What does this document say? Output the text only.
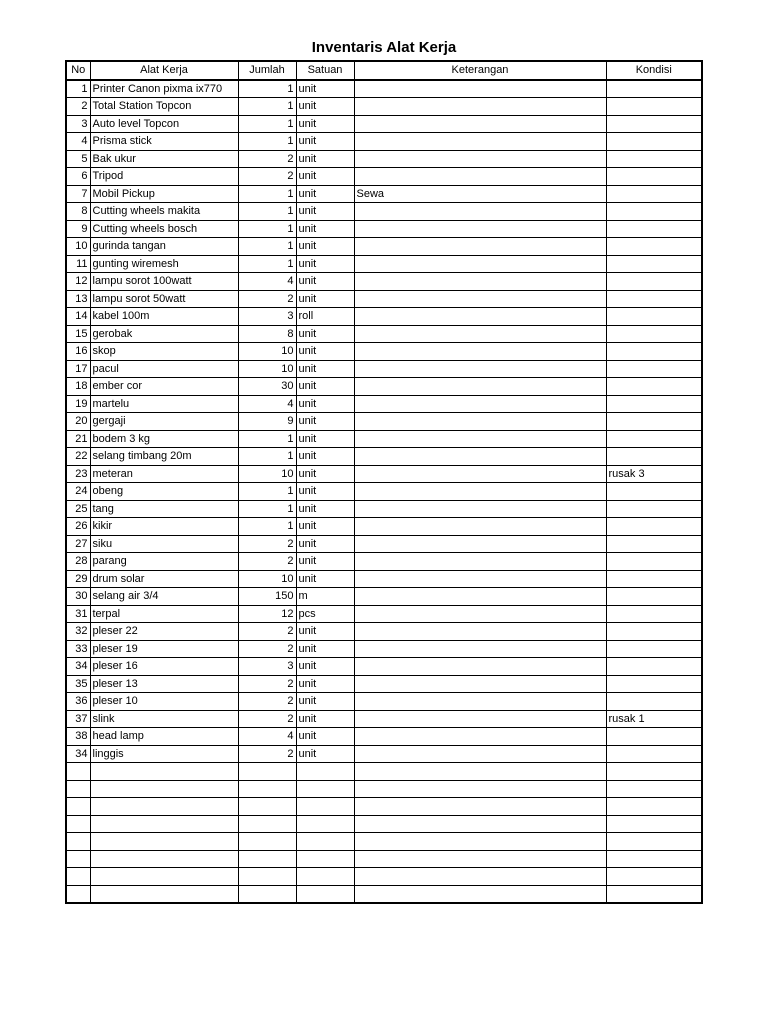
Inventaris Alat Kerja
No	Alat Kerja	Jumlah	Satuan	Keterangan	Kondisi
1	Printer Canon pixma ix770	1	unit		
2	Total Station Topcon	1	unit		
3	Auto level Topcon	1	unit		
4	Prisma stick	1	unit		
5	Bak ukur	2	unit		
6	Tripod	2	unit		
7	Mobil Pickup	1	unit	Sewa	
8	Cutting wheels makita	1	unit		
9	Cutting wheels bosch	1	unit		
10	gurinda tangan	1	unit		
11	gunting wiremesh	1	unit		
12	lampu sorot 100watt	4	unit		
13	lampu sorot 50watt	2	unit		
14	kabel 100m	3	roll		
15	gerobak	8	unit		
16	skop	10	unit		
17	pacul	10	unit		
18	ember cor	30	unit		
19	martelu	4	unit		
20	gergaji	9	unit		
21	bodem 3 kg	1	unit		
22	selang timbang 20m	1	unit		
23	meteran	10	unit		rusak 3
24	obeng	1	unit		
25	tang	1	unit		
26	kikir	1	unit		
27	siku	2	unit		
28	parang	2	unit		
29	drum solar	10	unit		
30	selang air 3/4	150	m		
31	terpal	12	pcs		
32	pleser 22	2	unit		
33	pleser 19	2	unit		
34	pleser 16	3	unit		
35	pleser 13	2	unit		
36	pleser 10	2	unit		
37	slink	2	unit		rusak 1
38	head lamp	4	unit		
34	linggis	2	unit		
